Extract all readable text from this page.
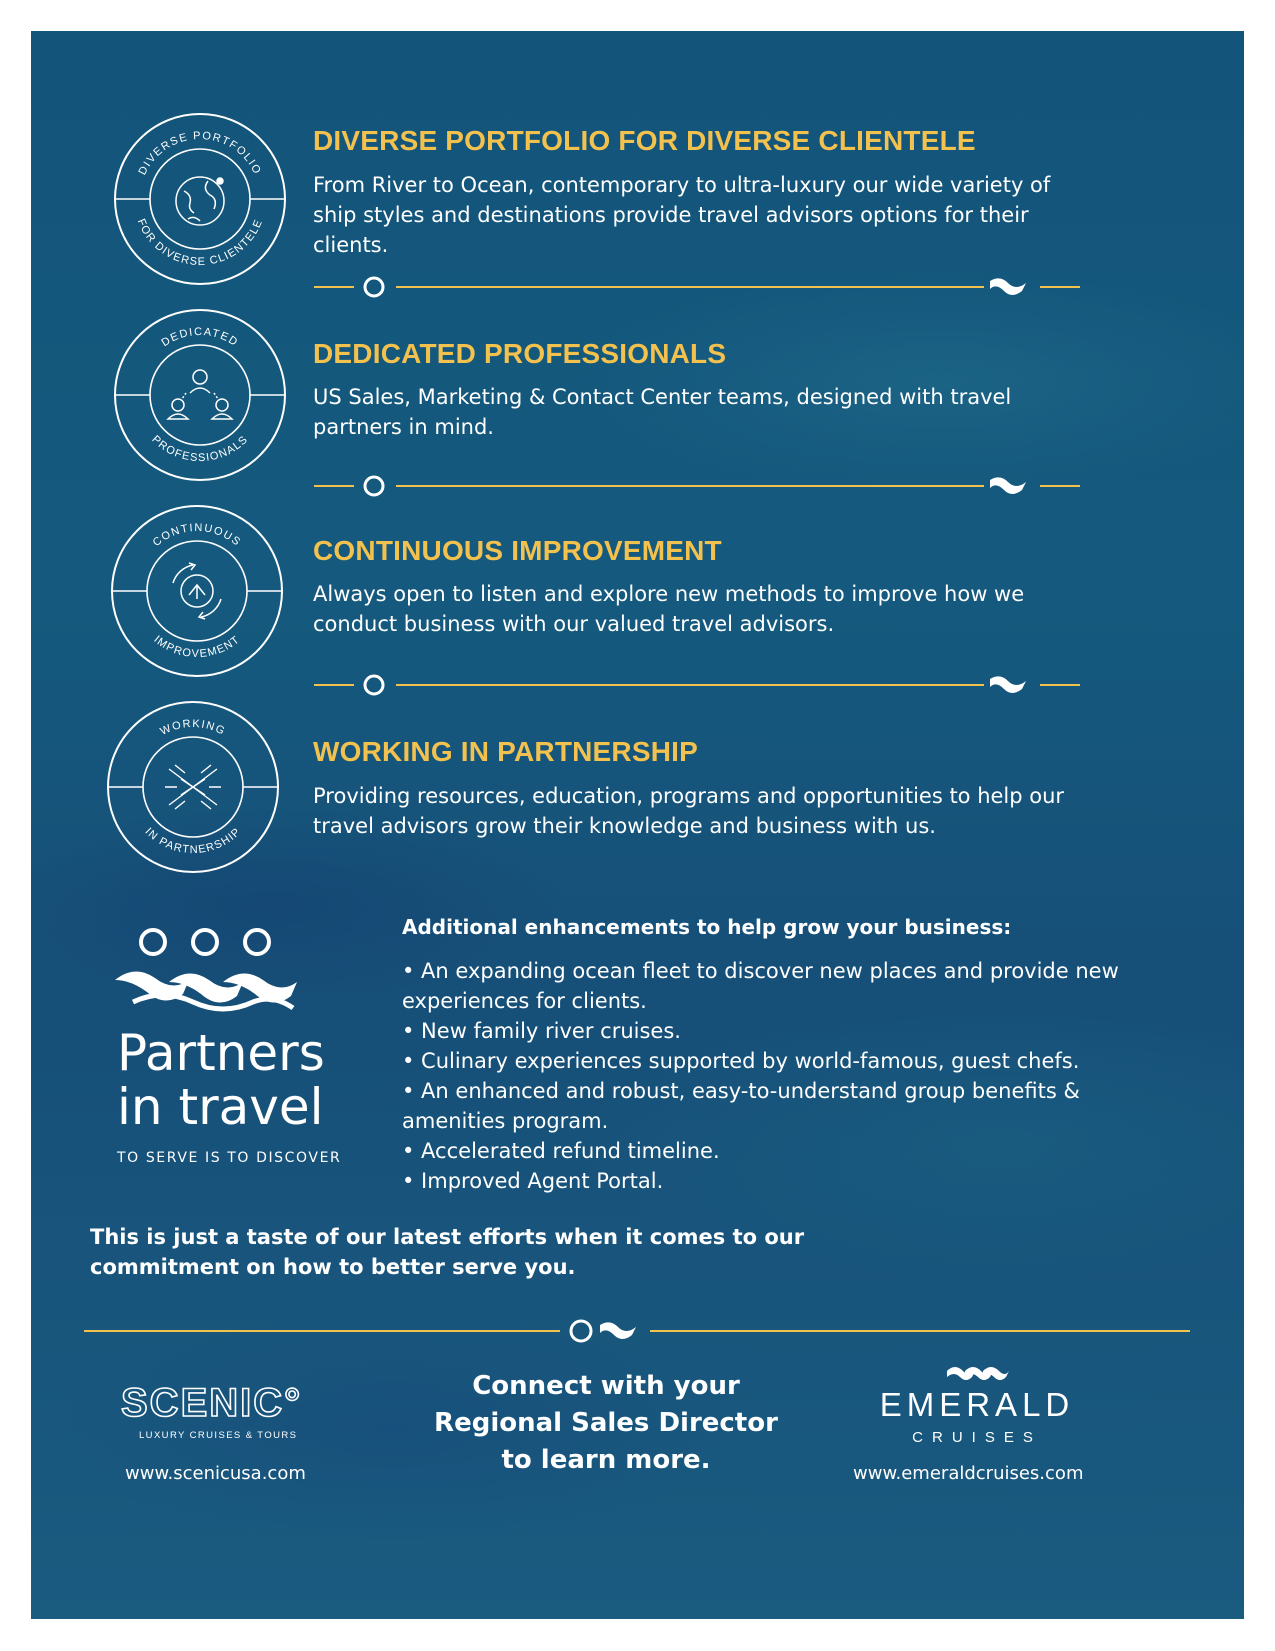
DIVERSE PORTFOLIO
FOR DIVERSE CLIENTELE
DIVERSE PORTFOLIO FOR DIVERSE CLIENTELE
From River to Ocean, contemporary to ultra-luxury our wide variety of ship styles and destinations provide travel advisors options for their clients.
DEDICATED
PROFESSIONALS
DEDICATED PROFESSIONALS
US Sales, Marketing & Contact Center teams, designed with travel partners in mind.
CONTINUOUS
IMPROVEMENT
CONTINUOUS IMPROVEMENT
Always open to listen and explore new methods to improve how we conduct business with our valued travel advisors.
WORKING
IN PARTNERSHIP
WORKING IN PARTNERSHIP
Providing resources, education, programs and opportunities to help our travel advisors grow their knowledge and business with us.
Partners
in travel
TO SERVE IS TO DISCOVER
Additional enhancements to help grow your business:
• An expanding ocean fleet to discover new places and provide new experiences for clients.
• New family river cruises.
• Culinary experiences supported by world-famous, guest chefs.
• An enhanced and robust, easy-to-understand group benefits & amenities program.
• Accelerated refund timeline.
• Improved Agent Portal.
This is just a taste of our latest efforts when it comes to our commitment on how to better serve you.
SCENIC°
LUXURY CRUISES & TOURS
www.scenicusa.com
Connect with your
Regional Sales Director
to learn more.
EMERALD
CRUISES
www.emeraldcruises.com
